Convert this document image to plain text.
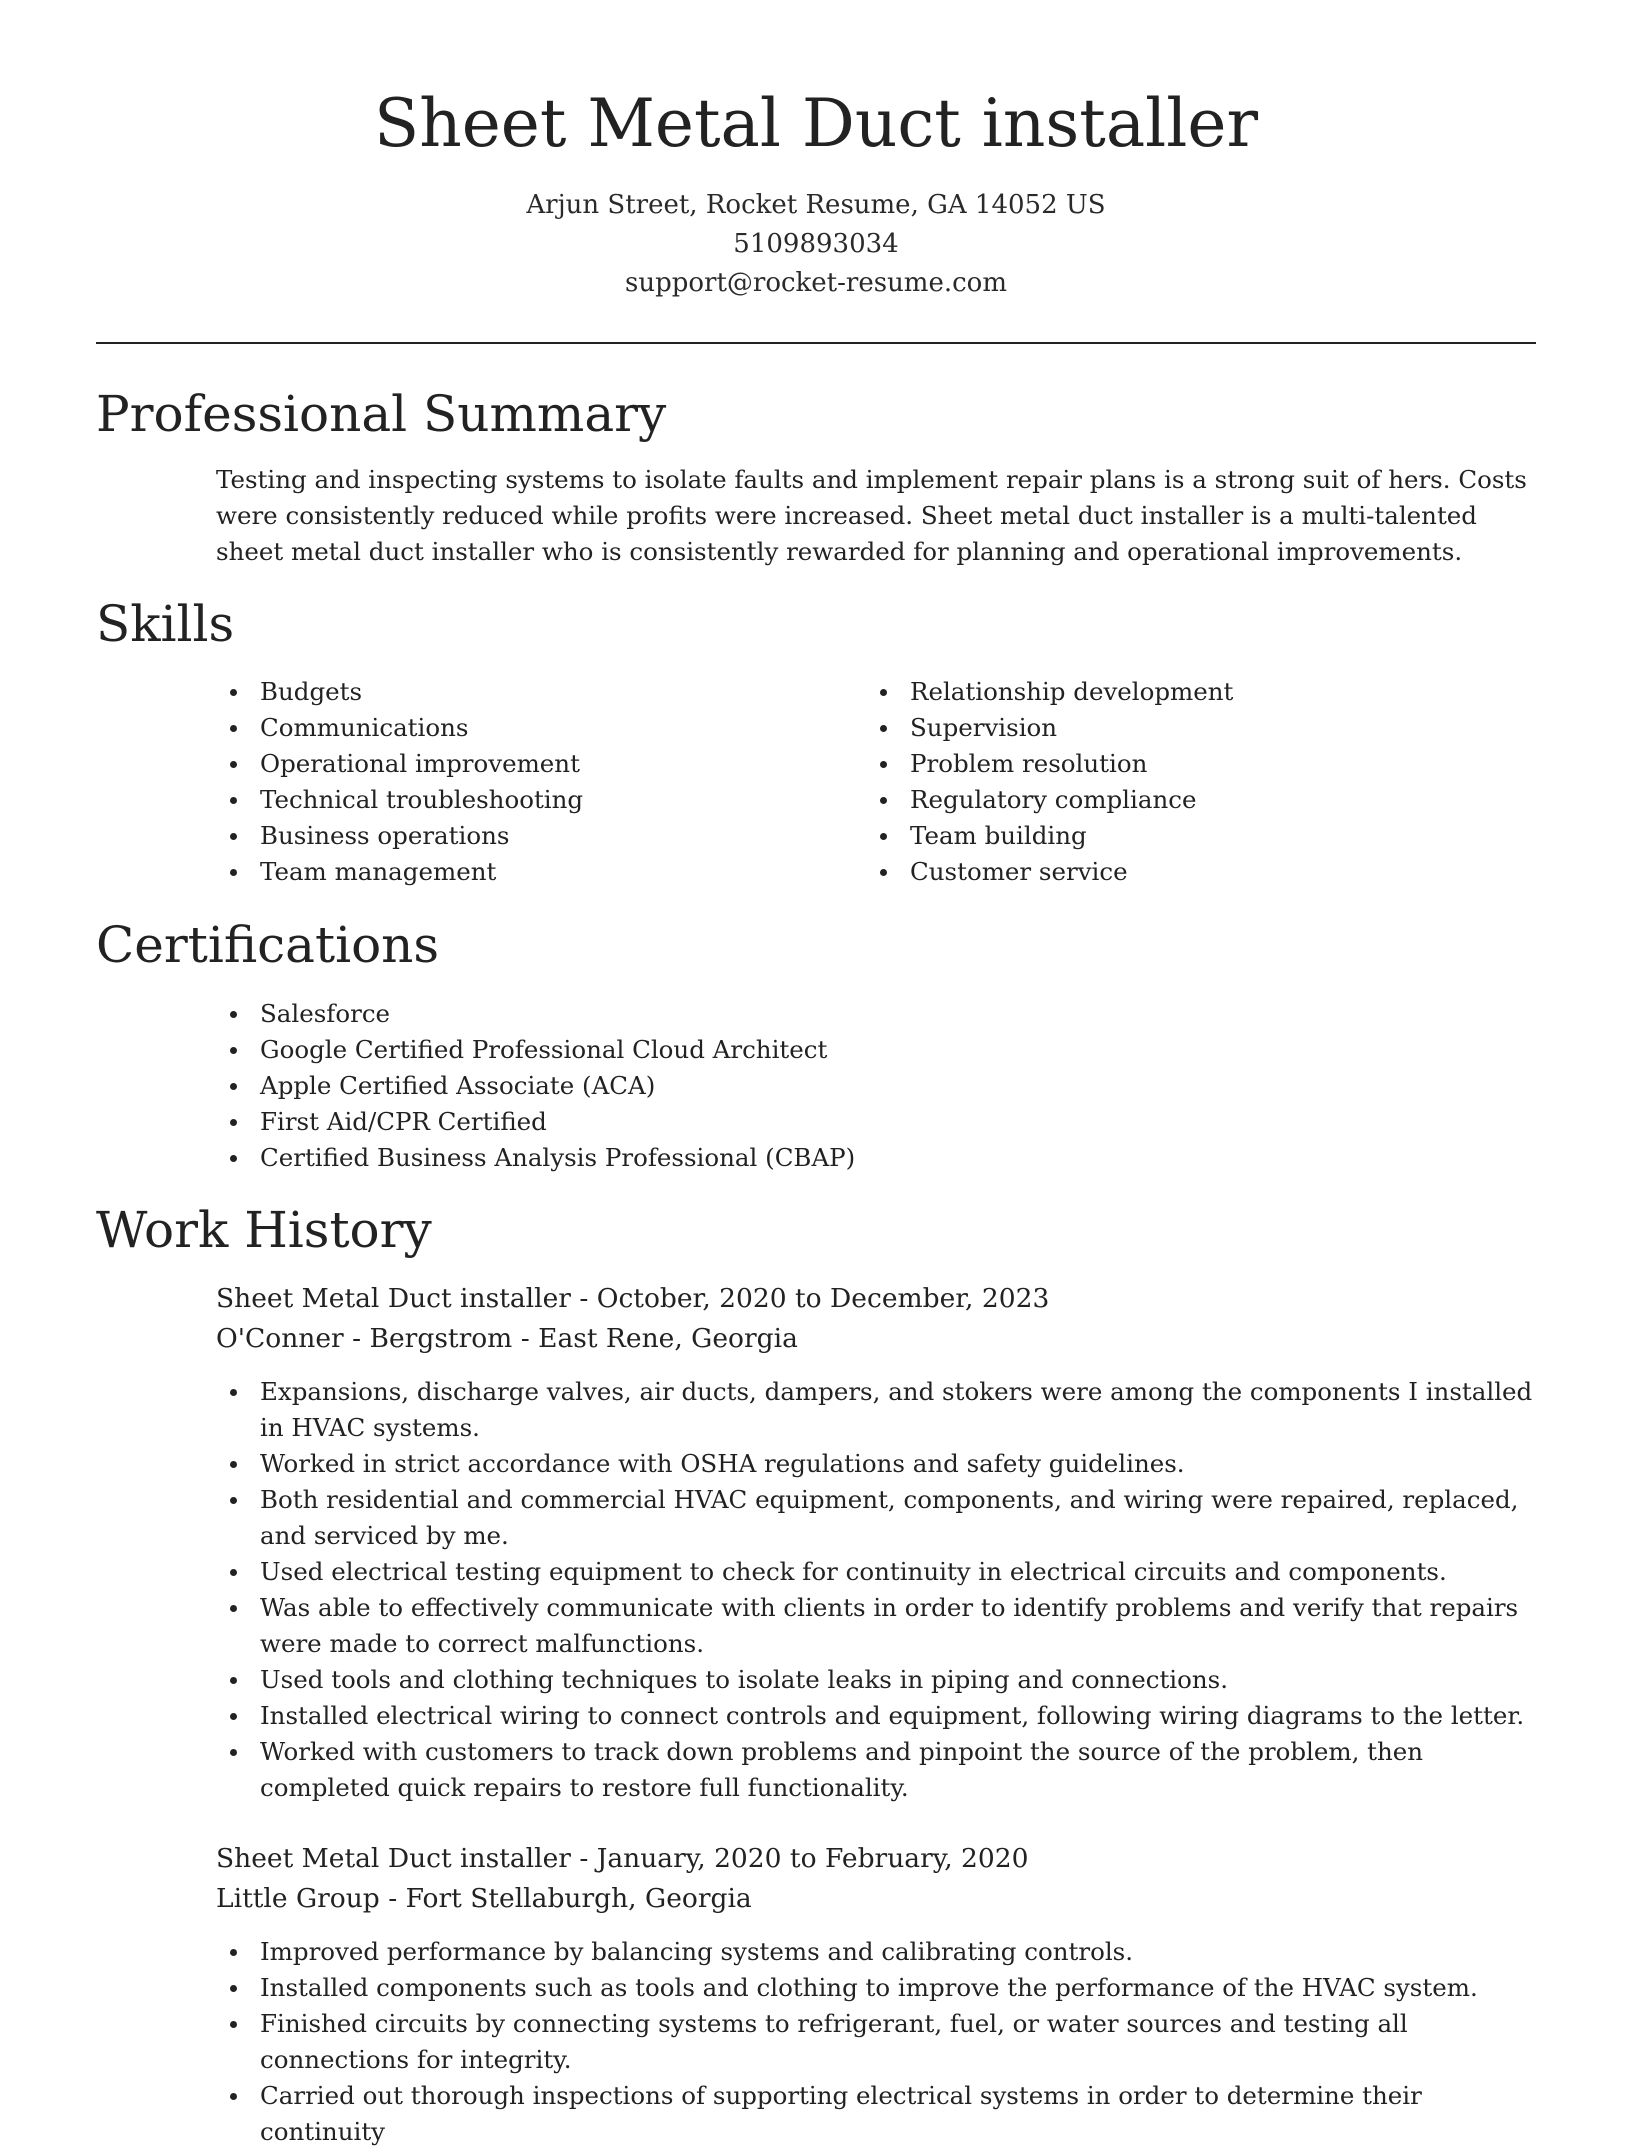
Sheet Metal Duct installer
Arjun Street, Rocket Resume, GA 14052 US
5109893034
support@rocket-resume.com
Professional Summary
Testing and inspecting systems to isolate faults and implement repair plans is a strong suit of hers. Costs were consistently reduced while profits were increased. Sheet metal duct installer is a multi-talented sheet metal duct installer who is consistently rewarded for planning and operational improvements.
Skills
Budgets
Communications
Operational improvement
Technical troubleshooting
Business operations
Team management
Relationship development
Supervision
Problem resolution
Regulatory compliance
Team building
Customer service
Certifications
Salesforce
Google Certified Professional Cloud Architect
Apple Certified Associate (ACA)
First Aid/CPR Certified
Certified Business Analysis Professional (CBAP)
Work History
Sheet Metal Duct installer - October, 2020 to December, 2023
O'Conner - Bergstrom - East Rene, Georgia
Expansions, discharge valves, air ducts, dampers, and stokers were among the components I installed in HVAC systems.
Worked in strict accordance with OSHA regulations and safety guidelines.
Both residential and commercial HVAC equipment, components, and wiring were repaired, replaced, and serviced by me.
Used electrical testing equipment to check for continuity in electrical circuits and components.
Was able to effectively communicate with clients in order to identify problems and verify that repairs were made to correct malfunctions.
Used tools and clothing techniques to isolate leaks in piping and connections.
Installed electrical wiring to connect controls and equipment, following wiring diagrams to the letter.
Worked with customers to track down problems and pinpoint the source of the problem, then completed quick repairs to restore full functionality.
Sheet Metal Duct installer - January, 2020 to February, 2020
Little Group - Fort Stellaburgh, Georgia
Improved performance by balancing systems and calibrating controls.
Installed components such as tools and clothing to improve the performance of the HVAC system.
Finished circuits by connecting systems to refrigerant, fuel, or water sources and testing all connections for integrity.
Carried out thorough inspections of supporting electrical systems in order to determine their continuity
